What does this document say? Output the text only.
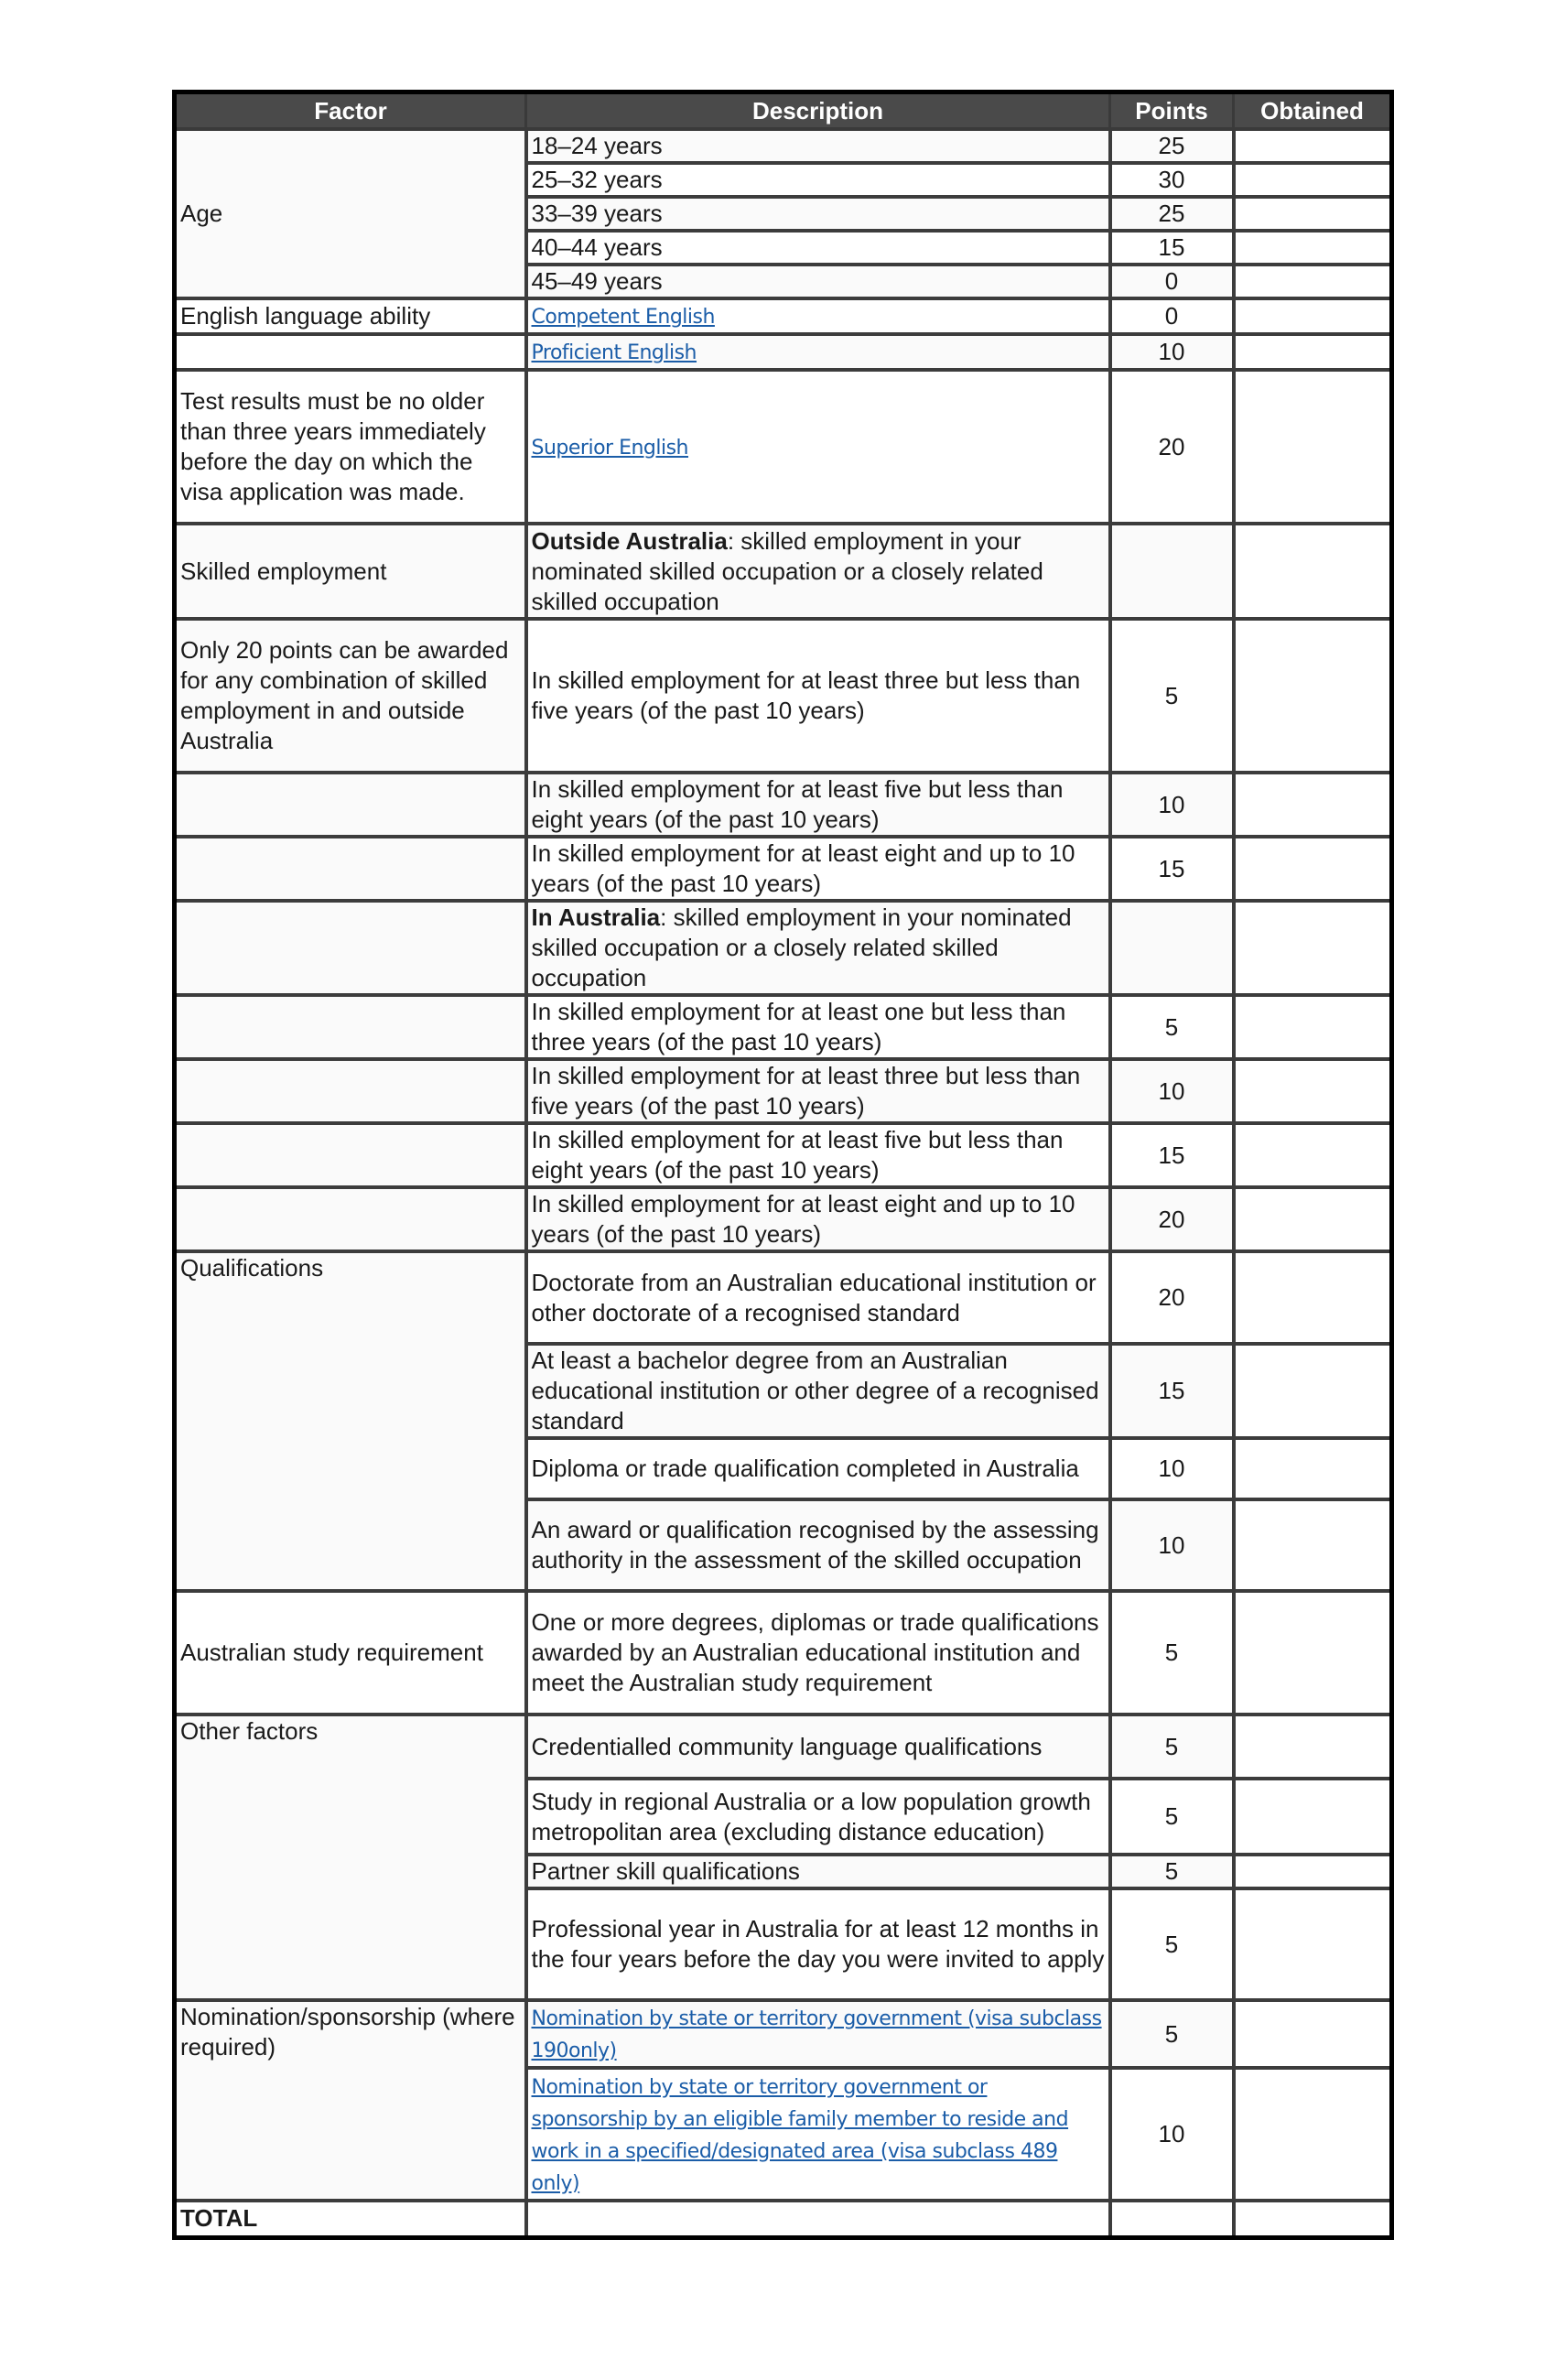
Factor	Description	Points	Obtained
Age	18–24 years	25	
	25–32 years	30	
	33–39 years	25	
	40–44 years	15	
	45–49 years	0	
English language ability	Competent English	0	
	Proficient English	10	
Test results must be no older than three years immediately before the day on which the visa application was made.	Superior English	20	
Skilled employment	Outside Australia: skilled employment in your nominated skilled occupation or a closely related skilled occupation		
Only 20 points can be awarded for any combination of skilled employment in and outside Australia	In skilled employment for at least three but less than five years (of the past 10 years)	5	
	In skilled employment for at least five but less than eight years (of the past 10 years)	10	
	In skilled employment for at least eight and up to 10 years (of the past 10 years)	15	
	In Australia: skilled employment in your nominated skilled occupation or a closely related skilled occupation		
	In skilled employment for at least one but less than three years (of the past 10 years)	5	
	In skilled employment for at least three but less than five years (of the past 10 years)	10	
	In skilled employment for at least five but less than eight years (of the past 10 years)	15	
	In skilled employment for at least eight and up to 10 years (of the past 10 years)	20	
Qualifications	Doctorate from an Australian educational institution or other doctorate of a recognised standard	20	
	At least a bachelor degree from an Australian educational institution or other degree of a recognised standard	15	
	Diploma or trade qualification completed in Australia	10	
	An award or qualification recognised by the assessing authority in the assessment of the skilled occupation	10	
Australian study requirement	One or more degrees, diplomas or trade qualifications awarded by an Australian educational institution and meet the Australian study requirement	5	
Other factors	Credentialled community language qualifications	5	
	Study in regional Australia or a low population growth metropolitan area (excluding distance education)	5	
	Partner skill qualifications	5	
	Professional year in Australia for at least 12 months in the four years before the day you were invited to apply	5	
Nomination/sponsorship (where required)	Nomination by state or territory government (visa subclass 190only)	5	
	Nomination by state or territory government or sponsorship by an eligible family member to reside and work in a specified/designated area (visa subclass 489 only)	10	
TOTAL			
